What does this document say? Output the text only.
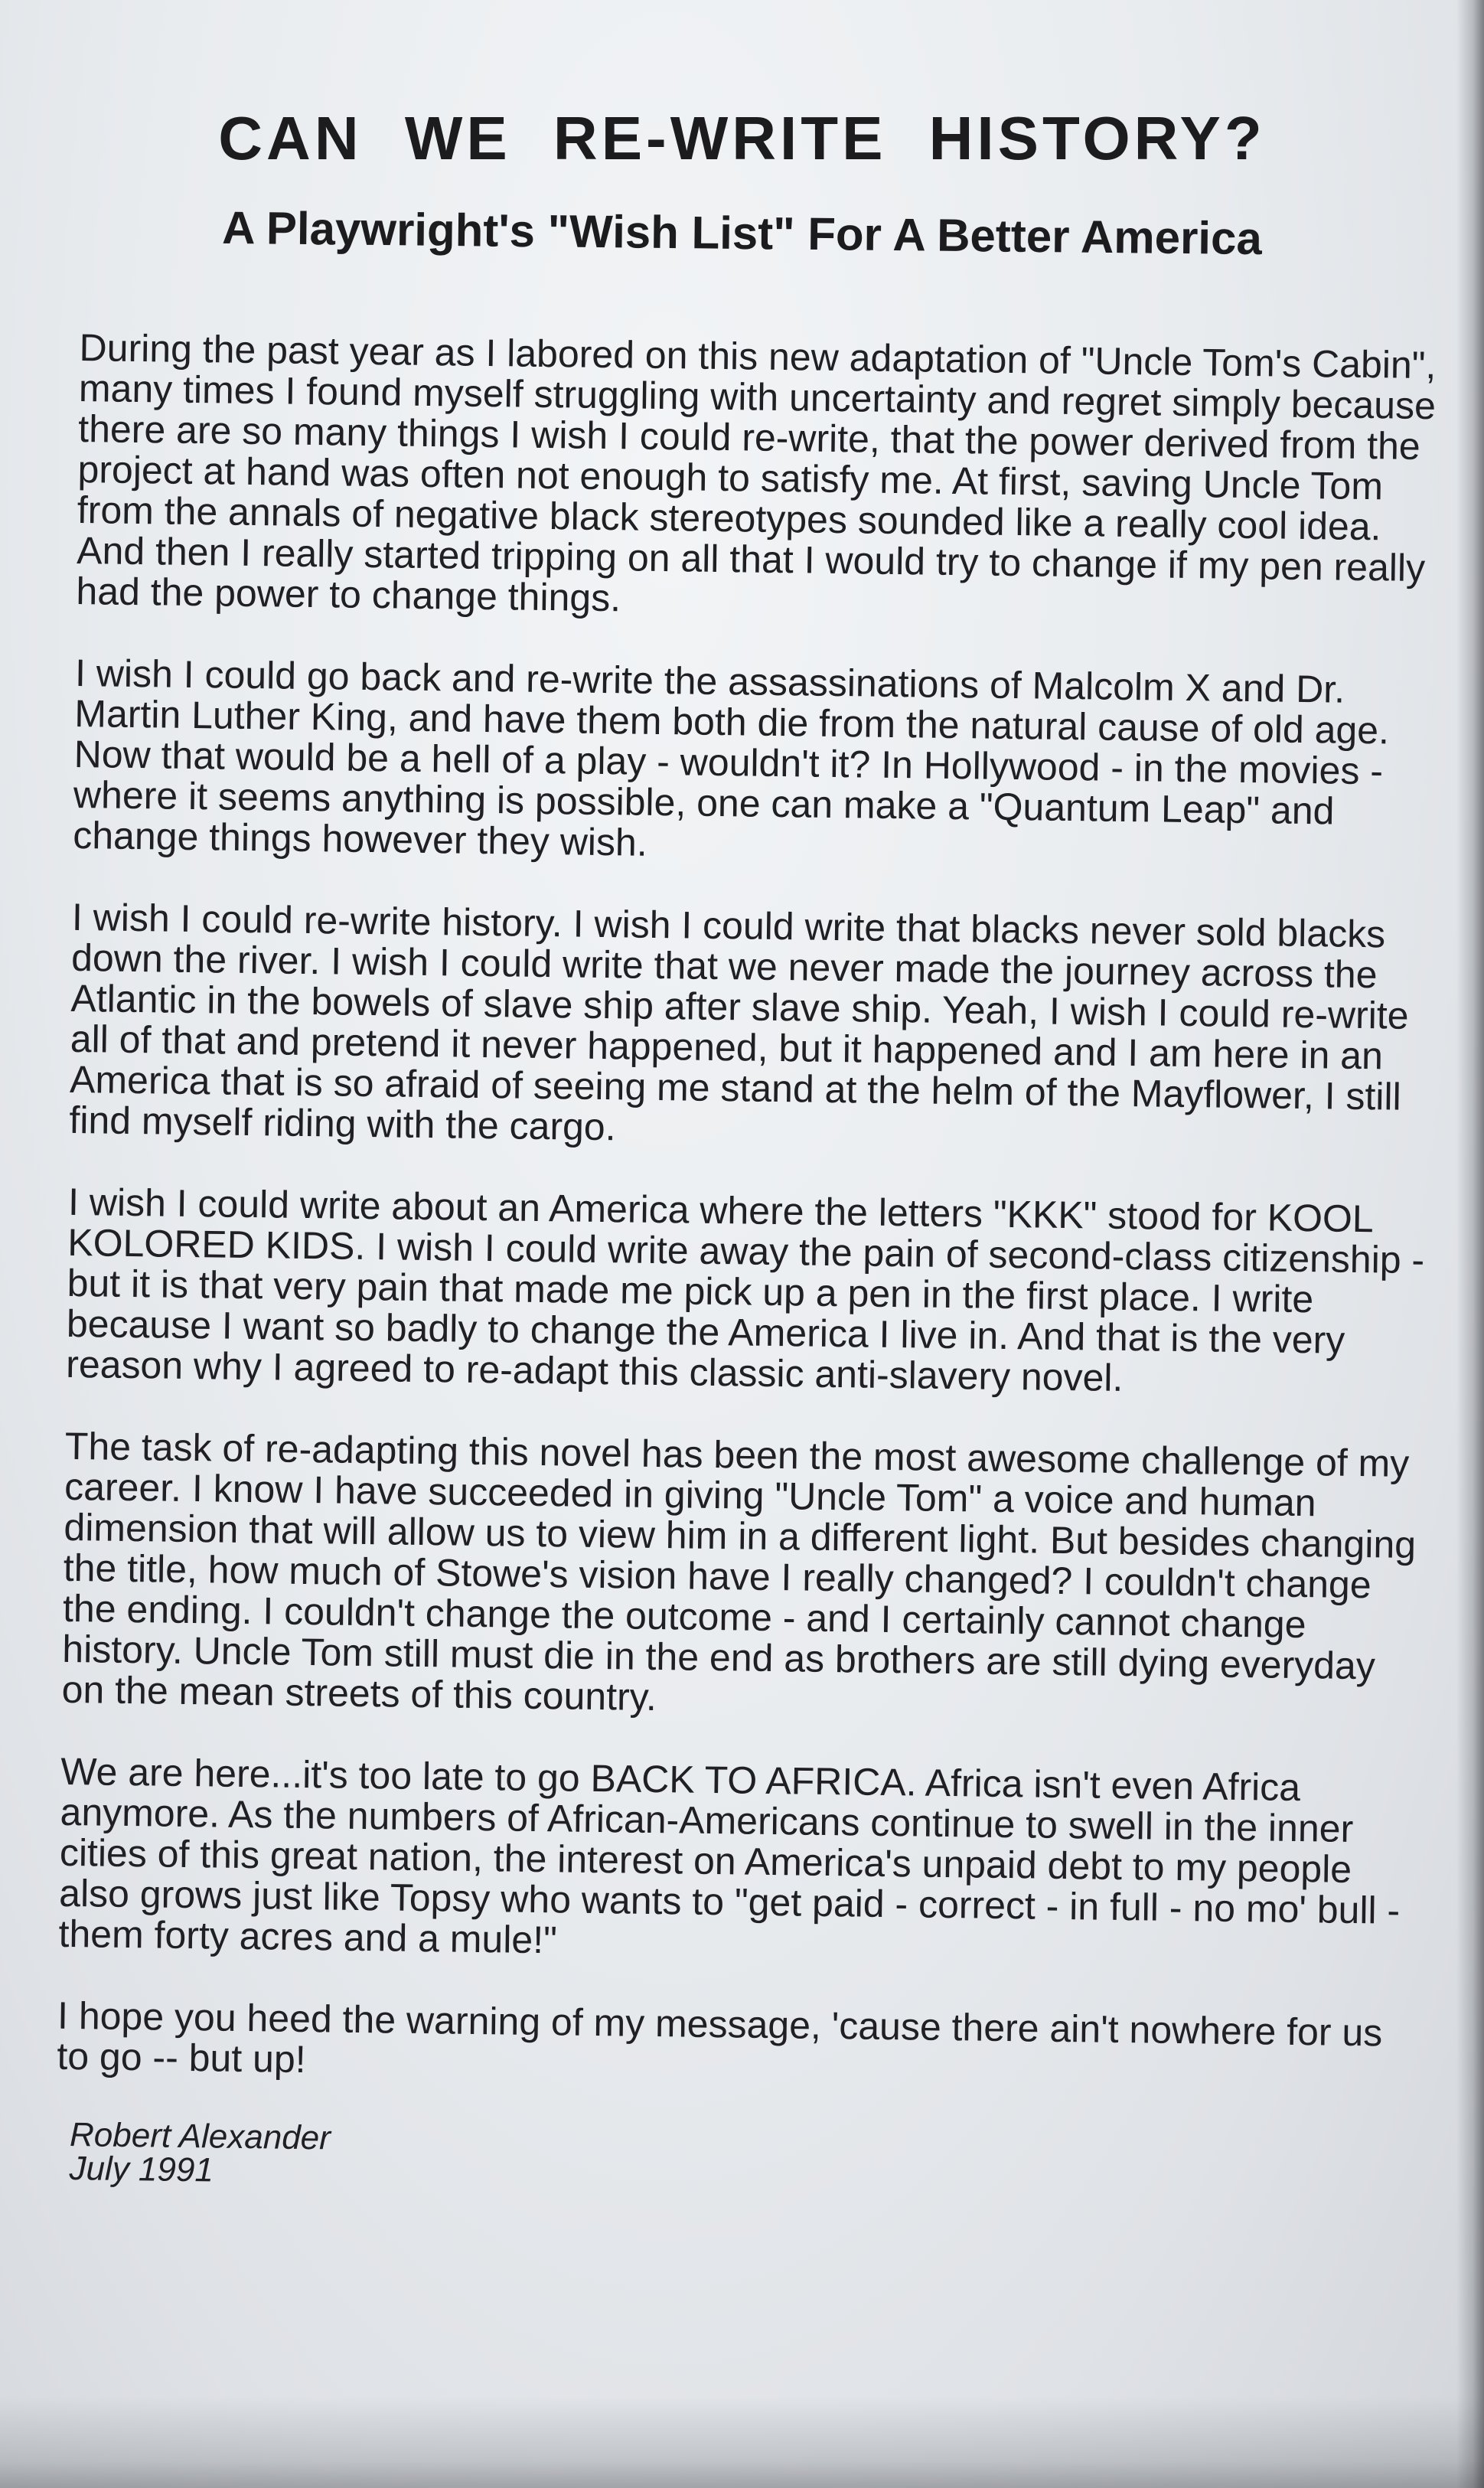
CAN WE RE-WRITE HISTORY?
A Playwright's "Wish List" For A Better America

During the past year as I labored on this new adaptation of "Uncle Tom's Cabin", many times I found myself struggling with uncertainty and regret simply because there are so many things I wish I could re-write, that the power derived from the project at hand was often not enough to satisfy me. At first, saving Uncle Tom from the annals of negative black stereotypes sounded like a really cool idea. And then I really started tripping on all that I would try to change if my pen really had the power to change things.

I wish I could go back and re-write the assassinations of Malcolm X and Dr. Martin Luther King, and have them both die from the natural cause of old age. Now that would be a hell of a play - wouldn't it? In Hollywood - in the movies - where it seems anything is possible, one can make a "Quantum Leap" and change things however they wish.

I wish I could re-write history. I wish I could write that blacks never sold blacks down the river. I wish I could write that we never made the journey across the Atlantic in the bowels of slave ship after slave ship. Yeah, I wish I could re-write all of that and pretend it never happened, but it happened and I am here in an America that is so afraid of seeing me stand at the helm of the Mayflower, I still find myself riding with the cargo.

I wish I could write about an America where the letters "KKK" stood for KOOL KOLORED KIDS. I wish I could write away the pain of second-class citizenship - but it is that very pain that made me pick up a pen in the first place. I write because I want so badly to change the America I live in. And that is the very reason why I agreed to re-adapt this classic anti-slavery novel.

The task of re-adapting this novel has been the most awesome challenge of my career. I know I have succeeded in giving "Uncle Tom" a voice and human dimension that will allow us to view him in a different light. But besides changing the title, how much of Stowe's vision have I really changed? I couldn't change the ending. I couldn't change the outcome - and I certainly cannot change history. Uncle Tom still must die in the end as brothers are still dying everyday on the mean streets of this country.

We are here...it's too late to go BACK TO AFRICA. Africa isn't even Africa anymore. As the numbers of African-Americans continue to swell in the inner cities of this great nation, the interest on America's unpaid debt to my people also grows just like Topsy who wants to "get paid - correct - in full - no mo' bull - them forty acres and a mule!"

I hope you heed the warning of my message, 'cause there ain't nowhere for us to go -- but up!

Robert Alexander
July 1991
